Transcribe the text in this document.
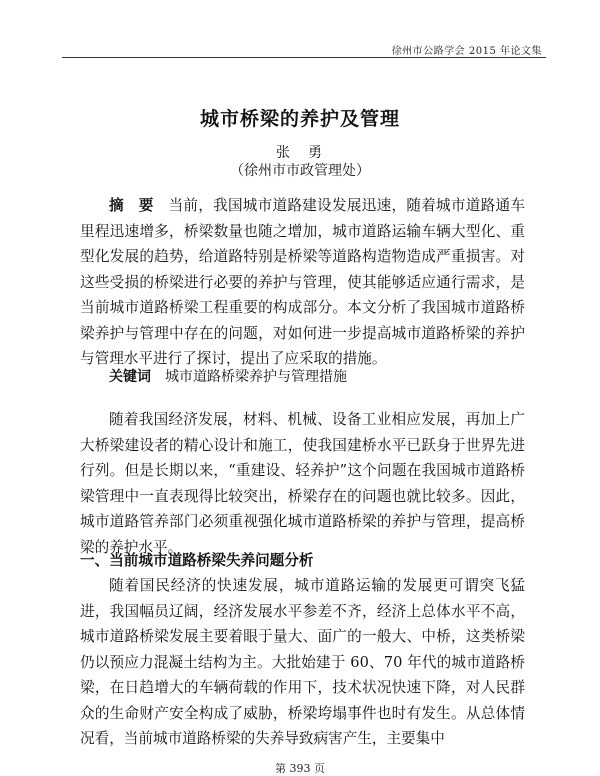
徐州市公路学会 2015 年论文集
城市桥梁的养护及管理
张　勇
（徐州市市政管理处）

摘　要　 当前，我国城市道路建设发展迅速，随着城市道路通车里程迅速增多，桥梁数量也随之增加，城市道路运输车辆大型化、重型化发展的趋势，给道路特别是桥梁等道路构造物造成严重损害。对这些受损的桥梁进行必要的养护与管理，使其能够适应通行需求，是当前城市道路桥梁工程重要的构成部分。本文分析了我国城市道路桥梁养护与管理中存在的问题，对如何进一步提高城市道路桥梁的养护与管理水平进行了探讨，提出了应采取的措施。

关键词　 城市道路桥梁养护与管理措施

随着我国经济发展，材料、机械、设备工业相应发展，再加上广大桥梁建设者的精心设计和施工，使我国建桥水平已跃身于世界先进行列。但是长期以来，“重建设、轻养护”这个问题在我国城市道路桥梁管理中一直表现得比较突出，桥梁存在的问题也就比较多。因此，城市道路管养部门必须重视强化城市道路桥梁的养护与管理，提高桥梁的养护水平。

一、当前城市道路桥梁失养问题分析

随着国民经济的快速发展，城市道路运输的发展更可谓突飞猛进，我国幅员辽阔，经济发展水平参差不齐，经济上总体水平不高，城市道路桥梁发展主要着眼于量大、面广的一般大、中桥，这类桥梁仍以预应力混凝土结构为主。大批始建于 60、70 年代的城市道路桥梁，在日趋增大的车辆荷载的作用下，技术状况快速下降，对人民群众的生命财产安全构成了威胁，桥梁垮塌事件也时有发生。从总体情况看，当前城市道路桥梁的失养导致病害产生，主要集中

第 393 页
